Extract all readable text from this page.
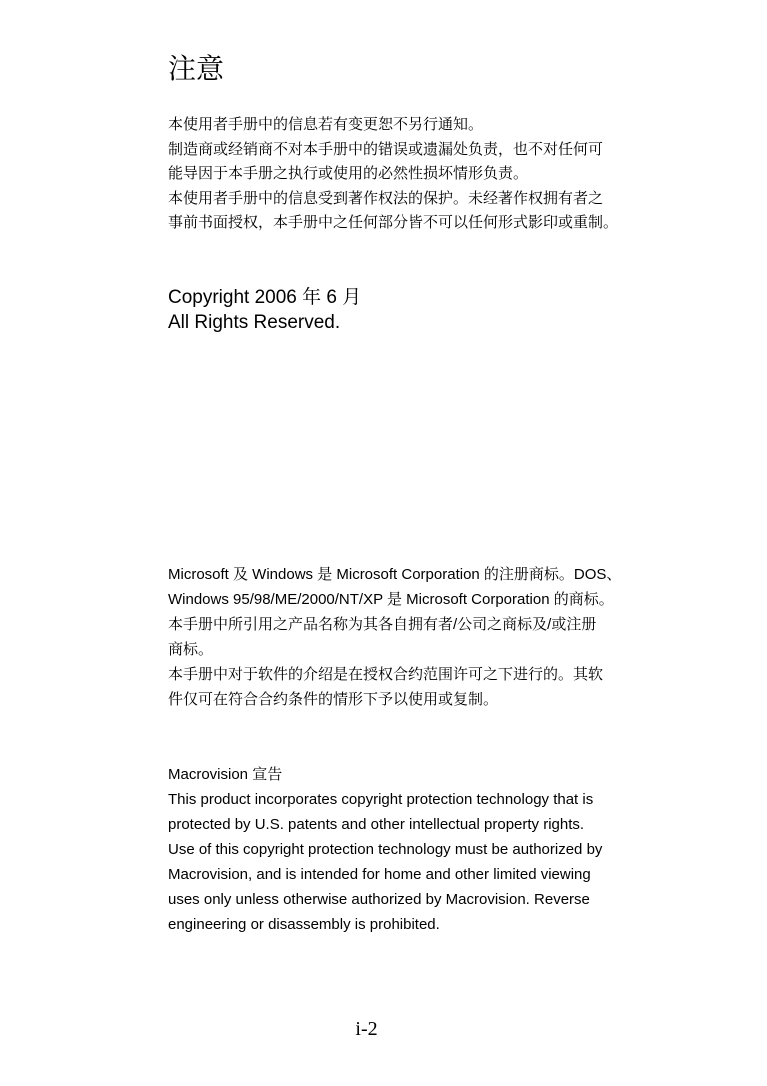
注意

本使用者手册中的信息若有变更恕不另行通知。

制造商或经销商不对本手册中的错误或遗漏处负责，也不对任何可

能导因于本手册之执行或使用的必然性损坏情形负责。

本使用者手册中的信息受到著作权法的保护。未经著作权拥有者之

事前书面授权，本手册中之任何部分皆不可以任何形式影印或重制。

Copyright 2006 年 6 月

All Rights Reserved.

Microsoft 及 Windows 是 Microsoft Corporation 的注册商标。DOS、

Windows 95/98/ME/2000/NT/XP 是 Microsoft Corporation 的商标。

本手册中所引用之产品名称为其各自拥有者/公司之商标及/或注册

商标。

本手册中对于软件的介绍是在授权合约范围许可之下进行的。其软

件仅可在符合合约条件的情形下予以使用或复制。

Macrovision 宣告

This product incorporates copyright protection technology that is

protected by U.S. patents and other intellectual property rights.

Use of this copyright protection technology must be authorized by

Macrovision, and is intended for home and other limited viewing

uses only unless otherwise authorized by Macrovision. Reverse

engineering or disassembly is prohibited.

i-2
